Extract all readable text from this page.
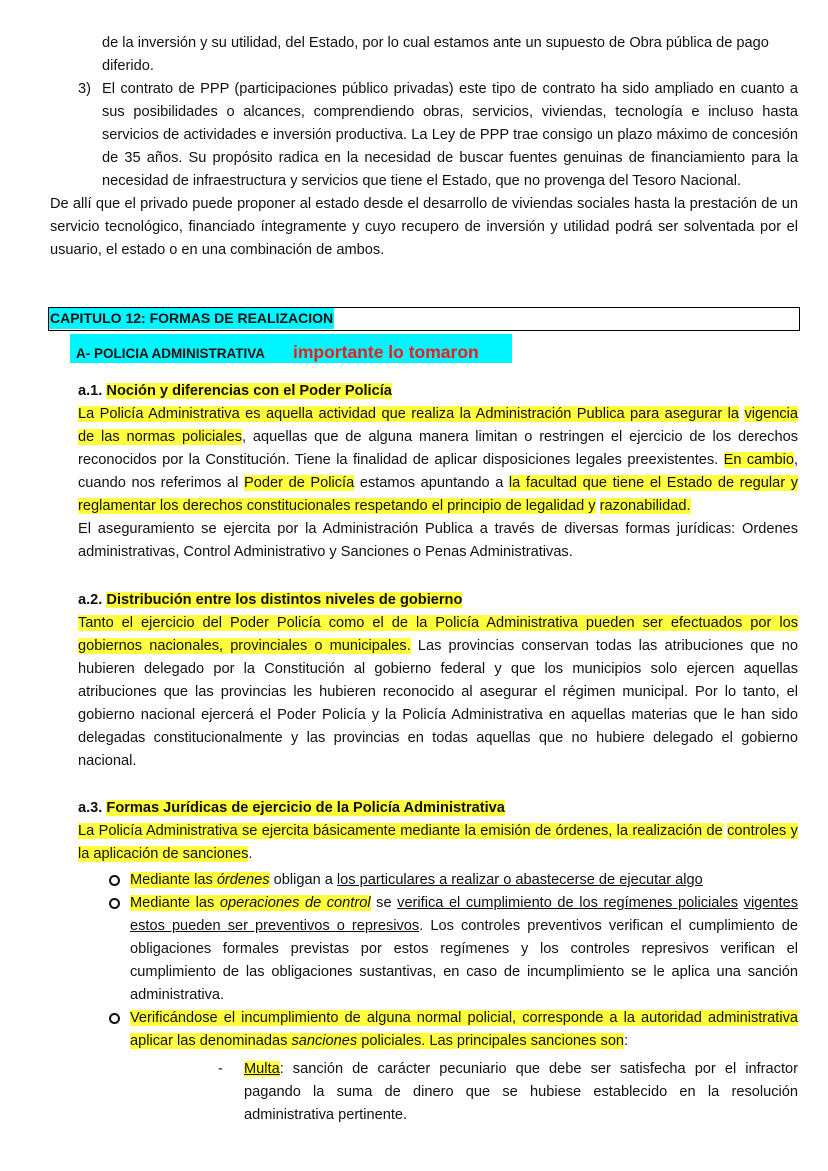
de la inversión y su utilidad, del Estado, por lo cual estamos ante un supuesto de Obra pública de pago

diferido.

3) El contrato de PPP (participaciones público privadas) este tipo de contrato ha sido ampliado en cuanto a sus posibilidades o alcances, comprendiendo obras, servicios, viviendas, tecnología e incluso hasta servicios de actividades e inversión productiva. La Ley de PPP trae consigo un plazo máximo de concesión de 35 años. Su propósito radica en la necesidad de buscar fuentes genuinas de financiamiento para la necesidad de infraestructura y servicios que tiene el Estado, que no provenga del Tesoro Nacional.

De allí que el privado puede proponer al estado desde el desarrollo de viviendas sociales hasta la prestación de un servicio tecnológico, financiado íntegramente y cuyo recupero de inversión y utilidad podrá ser solventada por el usuario, el estado o en una combinación de ambos.

CAPITULO 12: FORMAS DE REALIZACION
A- POLICIA ADMINISTRATIVA importante lo tomaron

a.1. Noción y diferencias con el Poder Policía

La Policía Administrativa es aquella actividad que realiza la Administración Publica para asegurar la vigencia de las normas policiales, aquellas que de alguna manera limitan o restringen el ejercicio de los derechos reconocidos por la Constitución. Tiene la finalidad de aplicar disposiciones legales preexistentes. En cambio, cuando nos referimos al Poder de Policía estamos apuntando a la facultad que tiene el Estado de regular y reglamentar los derechos constitucionales respetando el principio de legalidad y razonabilidad.

El aseguramiento se ejercita por la Administración Publica a través de diversas formas jurídicas: Ordenes administrativas, Control Administrativo y Sanciones o Penas Administrativas.

a.2. Distribución entre los distintos niveles de gobierno

Tanto el ejercicio del Poder Policía como el de la Policía Administrativa pueden ser efectuados por los gobiernos nacionales, provinciales o municipales. Las provincias conservan todas las atribuciones que no hubieren delegado por la Constitución al gobierno federal y que los municipios solo ejercen aquellas atribuciones que las provincias les hubieren reconocido al asegurar el régimen municipal. Por lo tanto, el gobierno nacional ejercerá el Poder Policía y la Policía Administrativa en aquellas materias que le han sido delegadas constitucionalmente y las provincias en todas aquellas que no hubiere delegado el gobierno nacional.

a.3. Formas Jurídicas de ejercicio de la Policía Administrativa

La Policía Administrativa se ejercita básicamente mediante la emisión de órdenes, la realización de controles y la aplicación de sanciones.

Mediante las órdenes obligan a los particulares a realizar o abastecerse de ejecutar algo

Mediante las operaciones de control se verifica el cumplimiento de los regímenes policiales vigentes estos pueden ser preventivos o represivos. Los controles preventivos verifican el cumplimiento de obligaciones formales previstas por estos regímenes y los controles represivos verifican el cumplimiento de las obligaciones sustantivas, en caso de incumplimiento se le aplica una sanción administrativa.

Verificándose el incumplimiento de alguna normal policial, corresponde a la autoridad administrativa aplicar las denominadas sanciones policiales. Las principales sanciones son:

- Multa: sanción de carácter pecuniario que debe ser satisfecha por el infractor pagando la suma de dinero que se hubiese establecido en la resolución administrativa pertinente.
